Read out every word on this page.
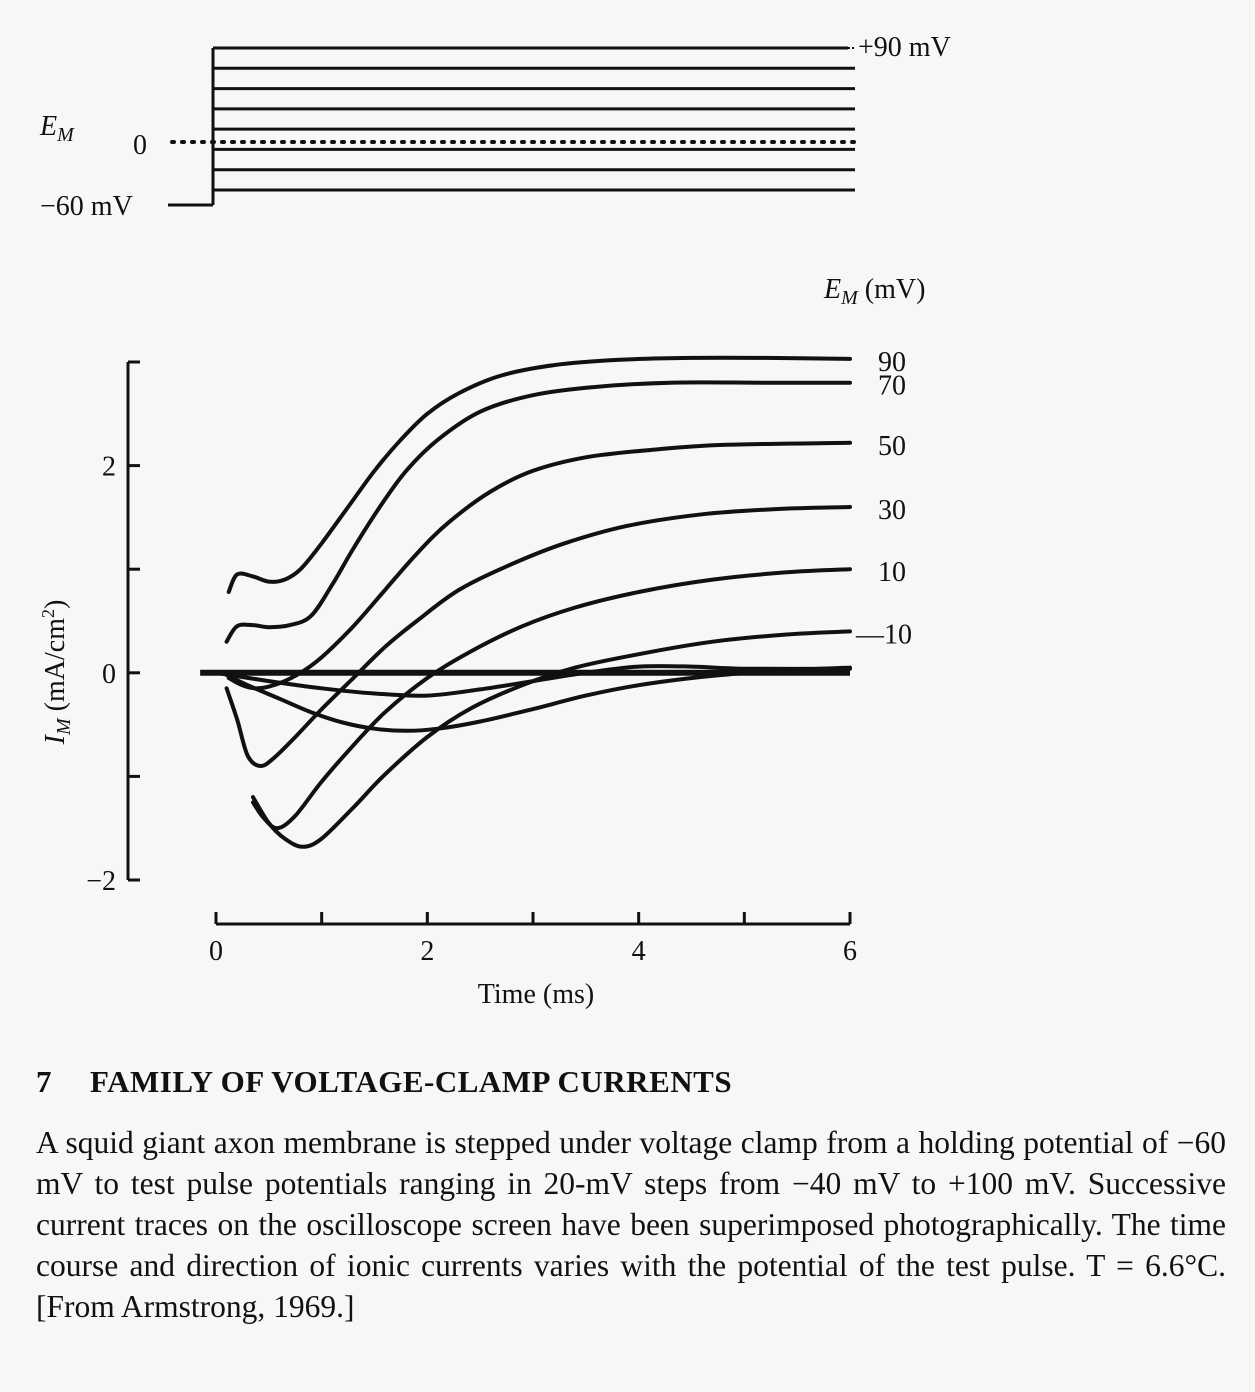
$E_M$ 0
−60 mV
+90 mV
−2
0
2
0	2	4	6
90
70
50
30
10
—10
$E_M$ (mV)
Time (ms)
$I_M$ $(mA/cm^2)$
7 FAMILY OF VOLTAGE-CLAMP CURRENTS
A squid giant axon membrane is stepped under voltage clamp from a holding potential of −60 mV to test pulse potentials ranging in 20-mV steps from −40 mV to +100 mV. Successive current traces on the oscilloscope screen have been superimposed photographically. The time course and direction of ionic currents varies with the potential of the test pulse. T = 6.6°C. [From Armstrong, 1969.]
